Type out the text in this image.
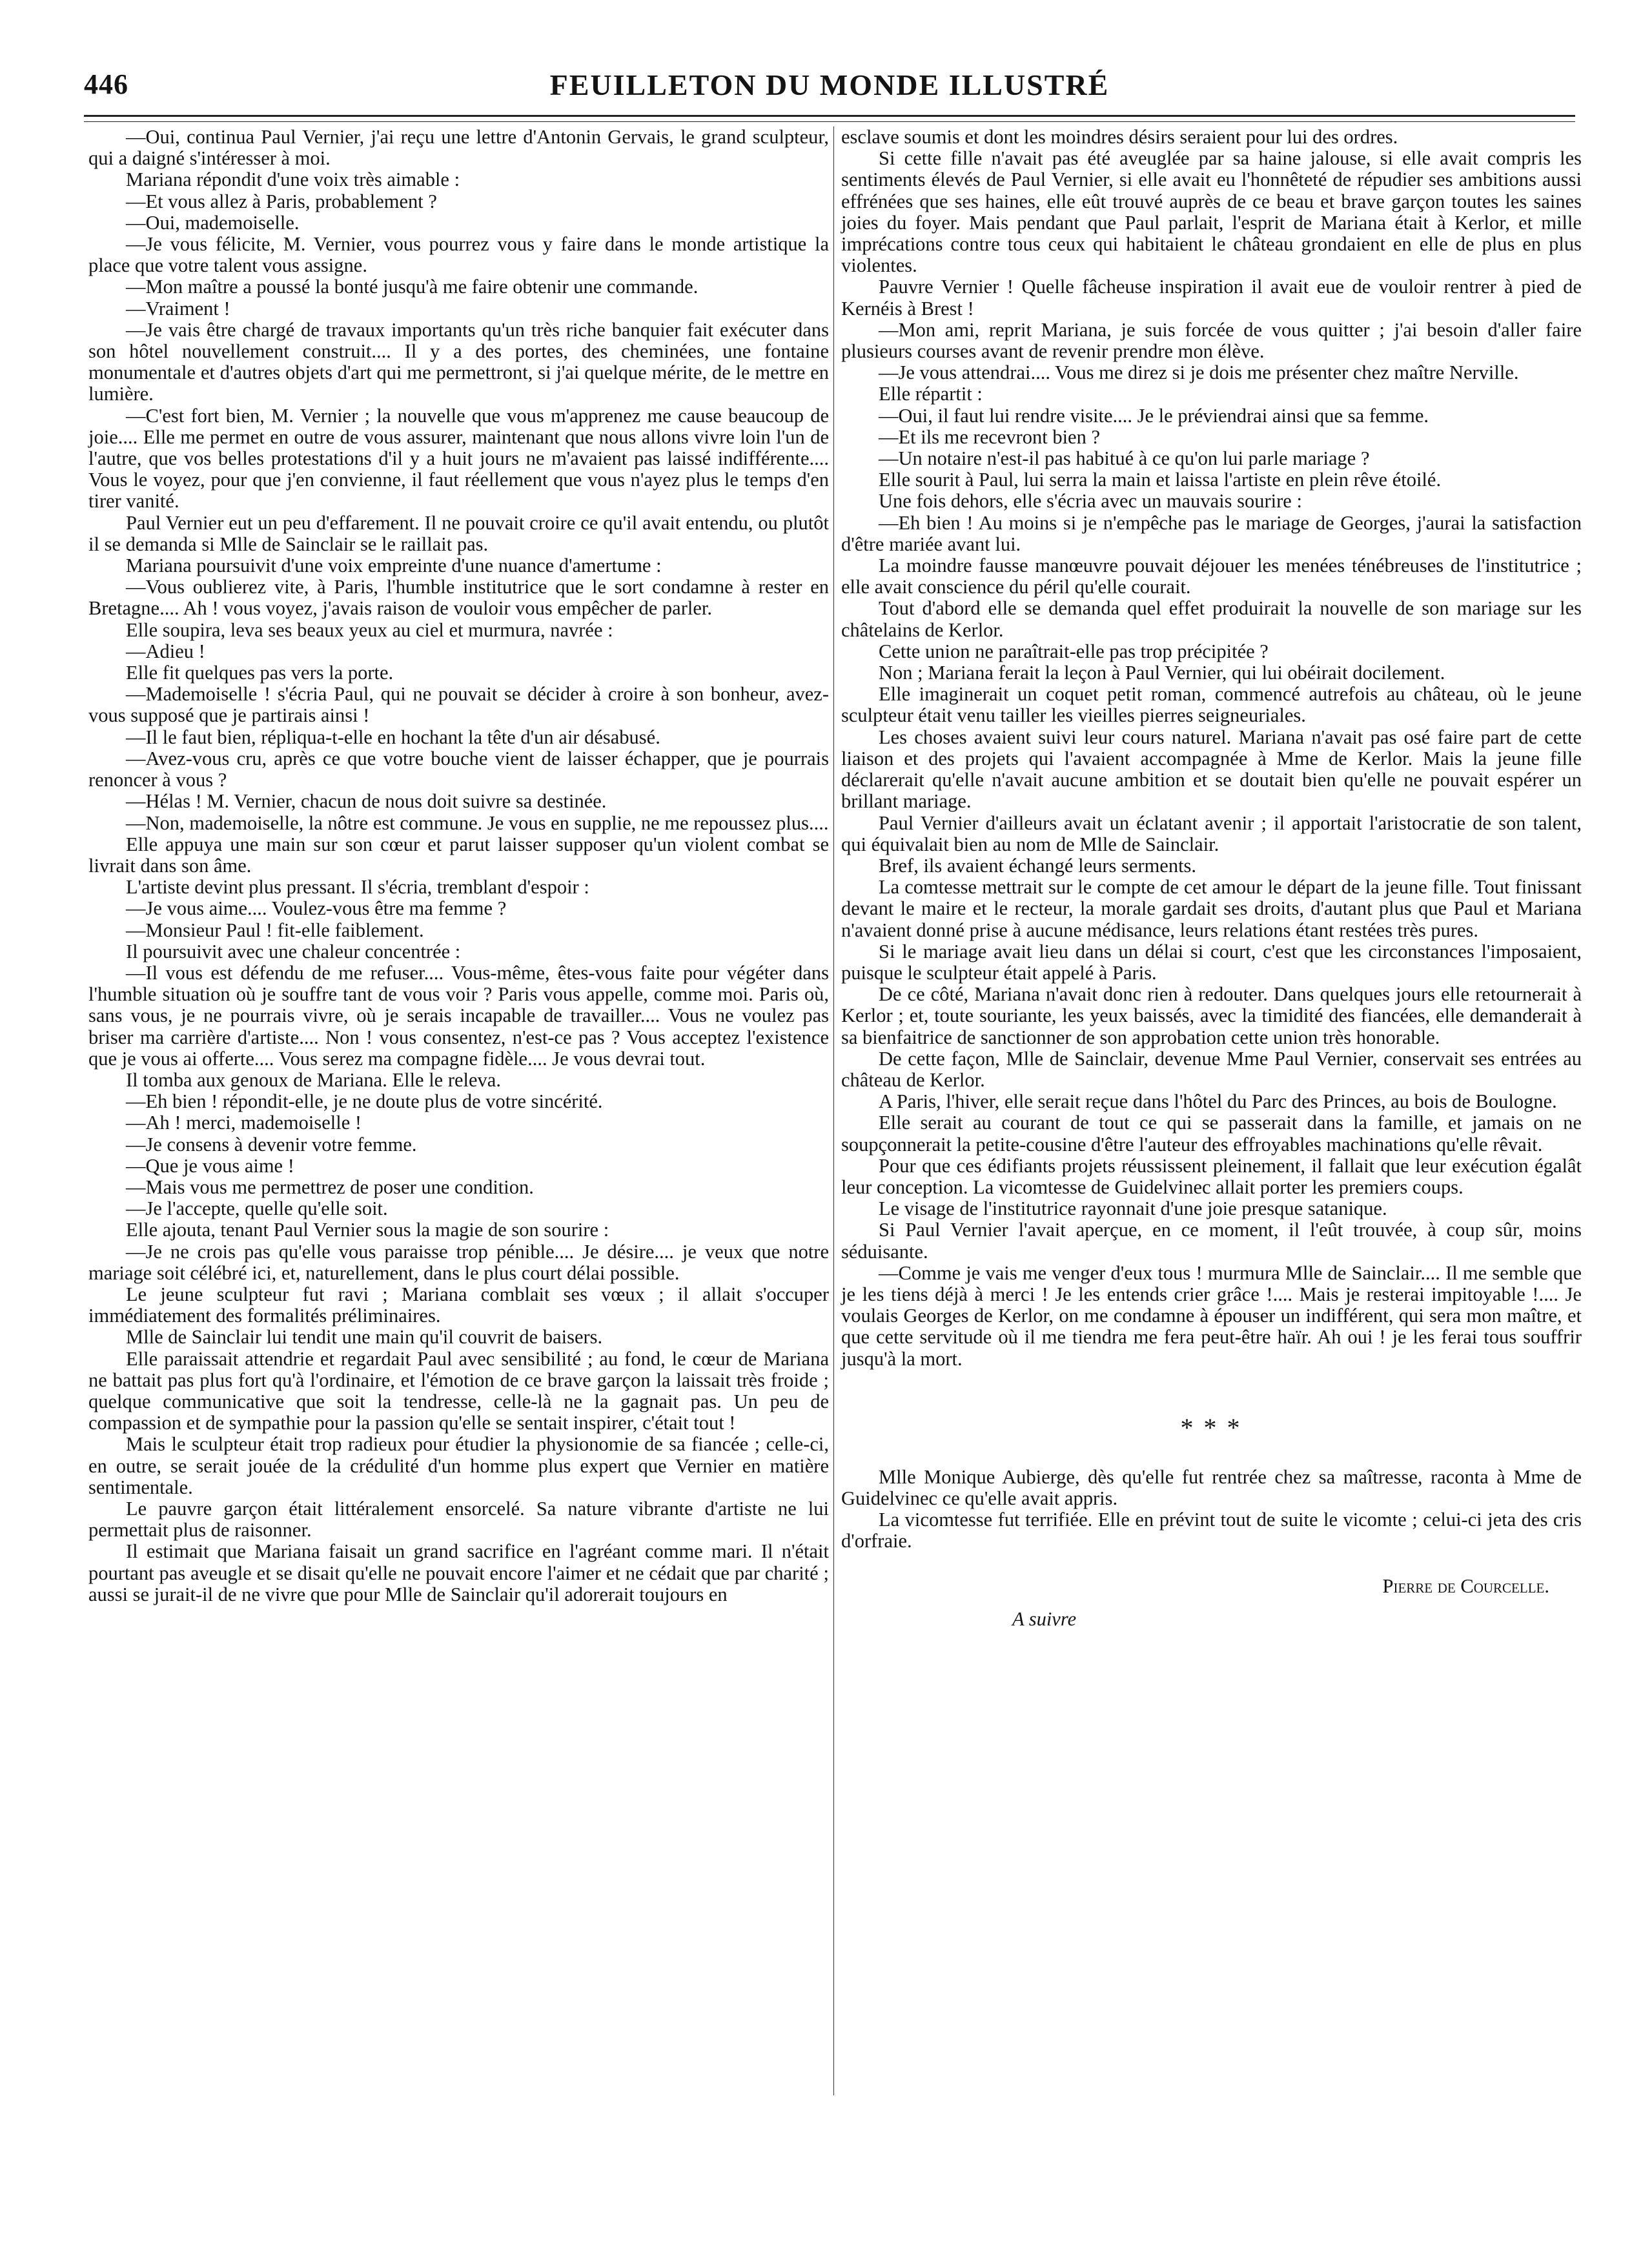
446	FEUILLETON DU MONDE ILLUSTRÉ

—Oui, continua Paul Vernier, j'ai reçu une lettre d'Antonin Gervais, le grand sculpteur, qui a daigné s'intéresser à moi.

Mariana répondit d'une voix très aimable :

—Et vous allez à Paris, probablement ?

—Oui, mademoiselle.

—Je vous félicite, M. Vernier, vous pourrez vous y faire dans le monde artistique la place que votre talent vous assigne.

—Mon maître a poussé la bonté jusqu'à me faire obtenir une commande.

—Vraiment !

—Je vais être chargé de travaux importants qu'un très riche banquier fait exécuter dans son hôtel nouvellement construit.... Il y a des portes, des cheminées, une fontaine monumentale et d'autres objets d'art qui me permettront, si j'ai quelque mérite, de le mettre en lumière.

—C'est fort bien, M. Vernier ; la nouvelle que vous m'apprenez me cause beaucoup de joie.... Elle me permet en outre de vous assurer, maintenant que nous allons vivre loin l'un de l'autre, que vos belles protestations d'il y a huit jours ne m'avaient pas laissé indifférente.... Vous le voyez, pour que j'en convienne, il faut réellement que vous n'ayez plus le temps d'en tirer vanité.

Paul Vernier eut un peu d'effarement. Il ne pouvait croire ce qu'il avait entendu, ou plutôt il se demanda si Mlle de Sainclair se le raillait pas.

Mariana poursuivit d'une voix empreinte d'une nuance d'amertume :

—Vous oublierez vite, à Paris, l'humble institutrice que le sort condamne à rester en Bretagne.... Ah ! vous voyez, j'avais raison de vouloir vous empêcher de parler.

Elle soupira, leva ses beaux yeux au ciel et murmura, navrée :

—Adieu !

Elle fit quelques pas vers la porte.

—Mademoiselle ! s'écria Paul, qui ne pouvait se décider à croire à son bonheur, avez-vous supposé que je partirais ainsi !

—Il le faut bien, répliqua-t-elle en hochant la tête d'un air désabusé.

—Avez-vous cru, après ce que votre bouche vient de laisser échapper, que je pourrais renoncer à vous ?

—Hélas ! M. Vernier, chacun de nous doit suivre sa destinée.

—Non, mademoiselle, la nôtre est commune. Je vous en supplie, ne me repoussez plus....

Elle appuya une main sur son cœur et parut laisser supposer qu'un violent combat se livrait dans son âme.

L'artiste devint plus pressant. Il s'écria, tremblant d'espoir :

—Je vous aime.... Voulez-vous être ma femme ?

—Monsieur Paul ! fit-elle faiblement.

Il poursuivit avec une chaleur concentrée :

—Il vous est défendu de me refuser.... Vous-même, êtes-vous faite pour végéter dans l'humble situation où je souffre tant de vous voir ? Paris vous appelle, comme moi. Paris où, sans vous, je ne pourrais vivre, où je serais incapable de travailler.... Vous ne voulez pas briser ma carrière d'artiste.... Non ! vous consentez, n'est-ce pas ? Vous acceptez l'existence que je vous ai offerte.... Vous serez ma compagne fidèle.... Je vous devrai tout.

Il tomba aux genoux de Mariana. Elle le releva.

—Eh bien ! répondit-elle, je ne doute plus de votre sincérité.

—Ah ! merci, mademoiselle !

—Je consens à devenir votre femme.

—Que je vous aime !

—Mais vous me permettrez de poser une condition.

—Je l'accepte, quelle qu'elle soit.

Elle ajouta, tenant Paul Vernier sous la magie de son sourire :

—Je ne crois pas qu'elle vous paraisse trop pénible.... Je désire.... je veux que notre mariage soit célébré ici, et, naturellement, dans le plus court délai possible.

Le jeune sculpteur fut ravi ; Mariana comblait ses vœux ; il allait s'occuper immédiatement des formalités préliminaires.

Mlle de Sainclair lui tendit une main qu'il couvrit de baisers.

Elle paraissait attendrie et regardait Paul avec sensibilité ; au fond, le cœur de Mariana ne battait pas plus fort qu'à l'ordinaire, et l'émotion de ce brave garçon la laissait très froide ; quelque communicative que soit la tendresse, celle-là ne la gagnait pas. Un peu de compassion et de sympathie pour la passion qu'elle se sentait inspirer, c'était tout !

Mais le sculpteur était trop radieux pour étudier la physionomie de sa fiancée ; celle-ci, en outre, se serait jouée de la crédulité d'un homme plus expert que Vernier en matière sentimentale.

Le pauvre garçon était littéralement ensorcelé. Sa nature vibrante d'artiste ne lui permettait plus de raisonner.

Il estimait que Mariana faisait un grand sacrifice en l'agréant comme mari. Il n'était pourtant pas aveugle et se disait qu'elle ne pouvait encore l'aimer et ne cédait que par charité ; aussi se jurait-il de ne vivre que pour Mlle de Sainclair qu'il adorerait toujours en

esclave soumis et dont les moindres désirs seraient pour lui des ordres.

Si cette fille n'avait pas été aveuglée par sa haine jalouse, si elle avait compris les sentiments élevés de Paul Vernier, si elle avait eu l'honnêteté de répudier ses ambitions aussi effrénées que ses haines, elle eût trouvé auprès de ce beau et brave garçon toutes les saines joies du foyer. Mais pendant que Paul parlait, l'esprit de Mariana était à Kerlor, et mille imprécations contre tous ceux qui habitaient le château grondaient en elle de plus en plus violentes.

Pauvre Vernier ! Quelle fâcheuse inspiration il avait eue de vouloir rentrer à pied de Kernéis à Brest !

—Mon ami, reprit Mariana, je suis forcée de vous quitter ; j'ai besoin d'aller faire plusieurs courses avant de revenir prendre mon élève.

—Je vous attendrai.... Vous me direz si je dois me présenter chez maître Nerville.

Elle répartit :

—Oui, il faut lui rendre visite.... Je le préviendrai ainsi que sa femme.

—Et ils me recevront bien ?

—Un notaire n'est-il pas habitué à ce qu'on lui parle mariage ?

Elle sourit à Paul, lui serra la main et laissa l'artiste en plein rêve étoilé.

Une fois dehors, elle s'écria avec un mauvais sourire :

—Eh bien ! Au moins si je n'empêche pas le mariage de Georges, j'aurai la satisfaction d'être mariée avant lui.

La moindre fausse manœuvre pouvait déjouer les menées ténébreuses de l'institutrice ; elle avait conscience du péril qu'elle courait.

Tout d'abord elle se demanda quel effet produirait la nouvelle de son mariage sur les châtelains de Kerlor.

Cette union ne paraîtrait-elle pas trop précipitée ?

Non ; Mariana ferait la leçon à Paul Vernier, qui lui obéirait docilement.

Elle imaginerait un coquet petit roman, commencé autrefois au château, où le jeune sculpteur était venu tailler les vieilles pierres seigneuriales.

Les choses avaient suivi leur cours naturel. Mariana n'avait pas osé faire part de cette liaison et des projets qui l'avaient accompagnée à Mme de Kerlor. Mais la jeune fille déclarerait qu'elle n'avait aucune ambition et se doutait bien qu'elle ne pouvait espérer un brillant mariage.

Paul Vernier d'ailleurs avait un éclatant avenir ; il apportait l'aristocratie de son talent, qui équivalait bien au nom de Mlle de Sainclair.

Bref, ils avaient échangé leurs serments.

La comtesse mettrait sur le compte de cet amour le départ de la jeune fille. Tout finissant devant le maire et le recteur, la morale gardait ses droits, d'autant plus que Paul et Mariana n'avaient donné prise à aucune médisance, leurs relations étant restées très pures.

Si le mariage avait lieu dans un délai si court, c'est que les circonstances l'imposaient, puisque le sculpteur était appelé à Paris.

De ce côté, Mariana n'avait donc rien à redouter. Dans quelques jours elle retournerait à Kerlor ; et, toute souriante, les yeux baissés, avec la timidité des fiancées, elle demanderait à sa bienfaitrice de sanctionner de son approbation cette union très honorable.

De cette façon, Mlle de Sainclair, devenue Mme Paul Vernier, conservait ses entrées au château de Kerlor.

A Paris, l'hiver, elle serait reçue dans l'hôtel du Parc des Princes, au bois de Boulogne.

Elle serait au courant de tout ce qui se passerait dans la famille, et jamais on ne soupçonnerait la petite-cousine d'être l'auteur des effroyables machinations qu'elle rêvait.

Pour que ces édifiants projets réussissent pleinement, il fallait que leur exécution égalât leur conception. La vicomtesse de Guidelvinec allait porter les premiers coups.

Le visage de l'institutrice rayonnait d'une joie presque satanique.

Si Paul Vernier l'avait aperçue, en ce moment, il l'eût trouvée, à coup sûr, moins séduisante.

—Comme je vais me venger d'eux tous ! murmura Mlle de Sainclair.... Il me semble que je les tiens déjà à merci ! Je les entends crier grâce !.... Mais je resterai impitoyable !.... Je voulais Georges de Kerlor, on me condamne à épouser un indifférent, qui sera mon maître, et que cette servitude où il me tiendra me fera peut-être haïr. Ah oui ! je les ferai tous souffrir jusqu'à la mort.

* * *

Mlle Monique Aubierge, dès qu'elle fut rentrée chez sa maîtresse, raconta à Mme de Guidelvinec ce qu'elle avait appris.

La vicomtesse fut terrifiée. Elle en prévint tout de suite le vicomte ; celui-ci jeta des cris d'orfraie.

Pierre de Courcelle.
A suivre
